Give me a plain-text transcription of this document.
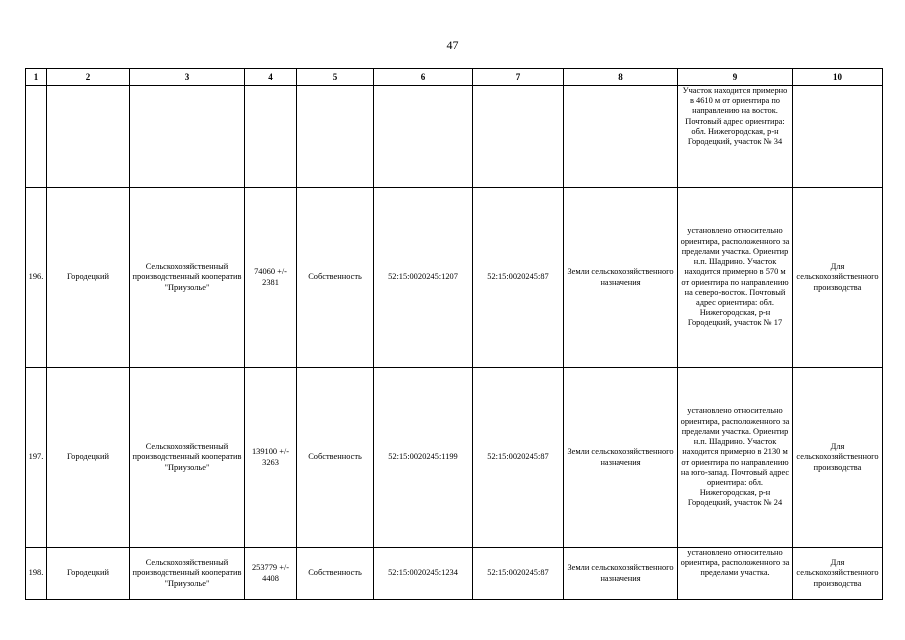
47
1	2	3	4	5	6	7	8	9	10
								Участок находится примерно в 4610 м от ориентира по направлению на восток. Почтовый адрес ориентира: обл. Нижегородская, р-н Городецкий, участок № 34	
196.	Городецкий	Сельскохозяйственный производственный кооператив "Приузолье"	74060 +/- 2381	Собственность	52:15:0020245:1207	52:15:0020245:87	Земли сельскохозяйственного назначения	установлено относительно ориентира, расположенного за пределами участка. Ориентир н.п. Шадрино. Участок находится примерно в 570 м от ориентира по направлению на северо-восток. Почтовый адрес ориентира: обл. Нижегородская, р-н Городецкий, участок № 17	Для сельскохозяйственного производства
197.	Городецкий	Сельскохозяйственный производственный кооператив "Приузолье"	139100 +/- 3263	Собственность	52:15:0020245:1199	52:15:0020245:87	Земли сельскохозяйственного назначения	установлено относительно ориентира, расположенного за пределами участка. Ориентир н.п. Шадрино. Участок находится примерно в 2130 м от ориентира по направлению на юго-запад. Почтовый адрес ориентира: обл. Нижегородская, р-н Городецкий, участок № 24	Для сельскохозяйственного производства
198.	Городецкий	Сельскохозяйственный производственный кооператив "Приузолье"	253779 +/- 4408	Собственность	52:15:0020245:1234	52:15:0020245:87	Земли сельскохозяйственного назначения	установлено относительно ориентира, расположенного за пределами участка.	Для сельскохозяйственного производства
